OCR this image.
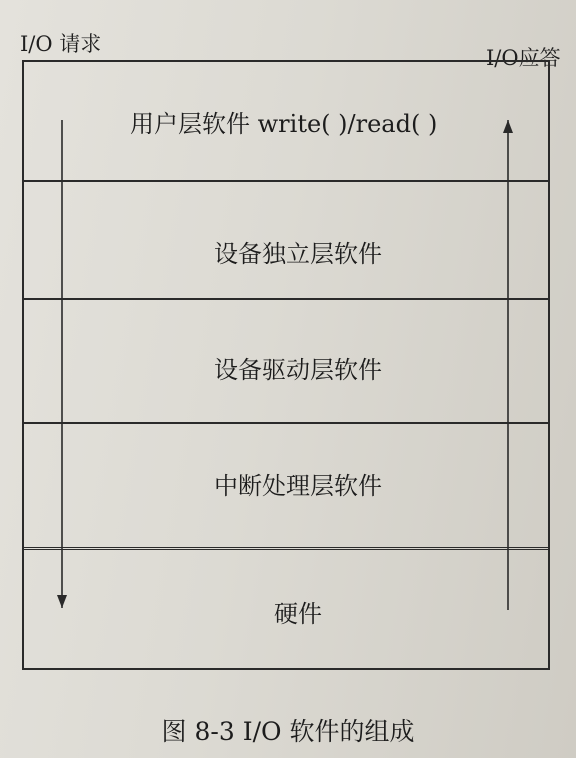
I/O 请求
I/O应答
用户层软件 write( )/read( )
设备独立层软件
设备驱动层软件
中断处理层软件
硬件
图 8-3 I/O 软件的组成
